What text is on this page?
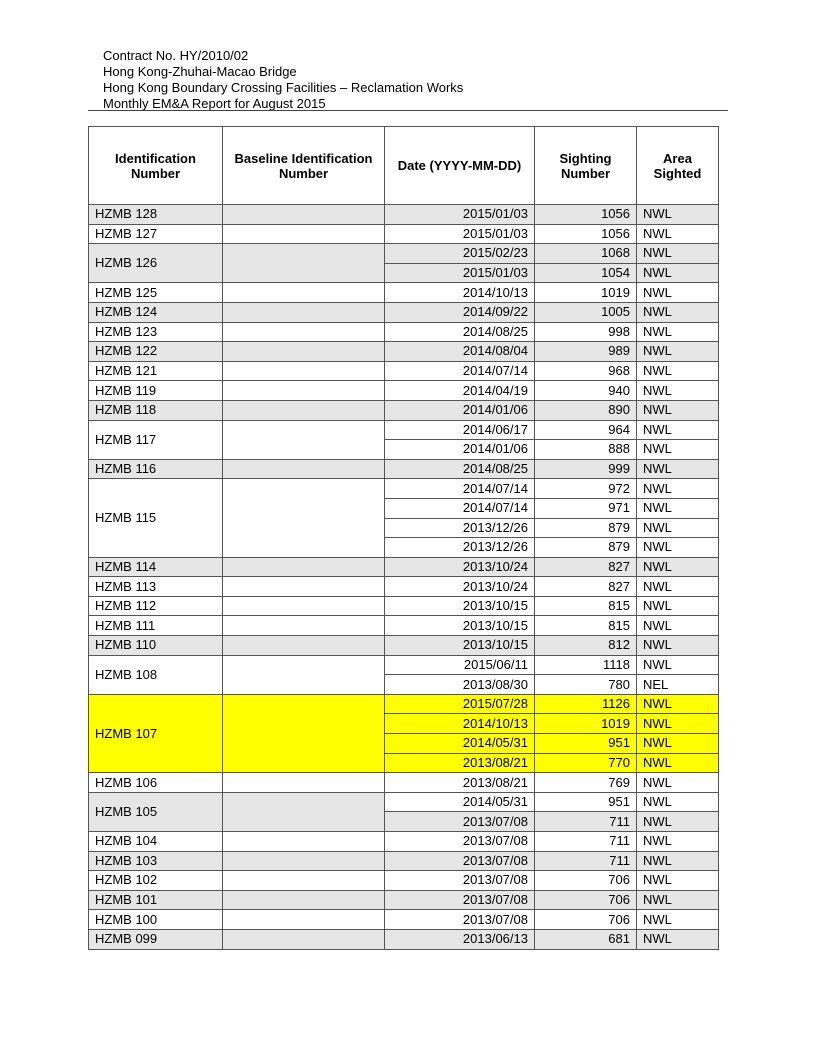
Contract No. HY/2010/02
Hong Kong-Zhuhai-Macao Bridge
Hong Kong Boundary Crossing Facilities – Reclamation Works
Monthly EM&A Report for August 2015
Identification Number	Baseline Identification Number	Date (YYYY-MM-DD)	Sighting Number	Area Sighted
HZMB 128		2015/01/03	1056	NWL
HZMB 127		2015/01/03	1056	NWL
HZMB 126		2015/02/23	1068	NWL
		2015/01/03	1054	NWL
HZMB 125		2014/10/13	1019	NWL
HZMB 124		2014/09/22	1005	NWL
HZMB 123		2014/08/25	998	NWL
HZMB 122		2014/08/04	989	NWL
HZMB 121		2014/07/14	968	NWL
HZMB 119		2014/04/19	940	NWL
HZMB 118		2014/01/06	890	NWL
HZMB 117		2014/06/17	964	NWL
		2014/01/06	888	NWL
HZMB 116		2014/08/25	999	NWL
HZMB 115		2014/07/14	972	NWL
		2014/07/14	971	NWL
		2013/12/26	879	NWL
		2013/12/26	879	NWL
HZMB 114		2013/10/24	827	NWL
HZMB 113		2013/10/24	827	NWL
HZMB 112		2013/10/15	815	NWL
HZMB 111		2013/10/15	815	NWL
HZMB 110		2013/10/15	812	NWL
HZMB 108		2015/06/11	1118	NWL
		2013/08/30	780	NEL
HZMB 107		2015/07/28	1126	NWL
		2014/10/13	1019	NWL
		2014/05/31	951	NWL
		2013/08/21	770	NWL
HZMB 106		2013/08/21	769	NWL
HZMB 105		2014/05/31	951	NWL
		2013/07/08	711	NWL
HZMB 104		2013/07/08	711	NWL
HZMB 103		2013/07/08	711	NWL
HZMB 102		2013/07/08	706	NWL
HZMB 101		2013/07/08	706	NWL
HZMB 100		2013/07/08	706	NWL
HZMB 099		2013/06/13	681	NWL
